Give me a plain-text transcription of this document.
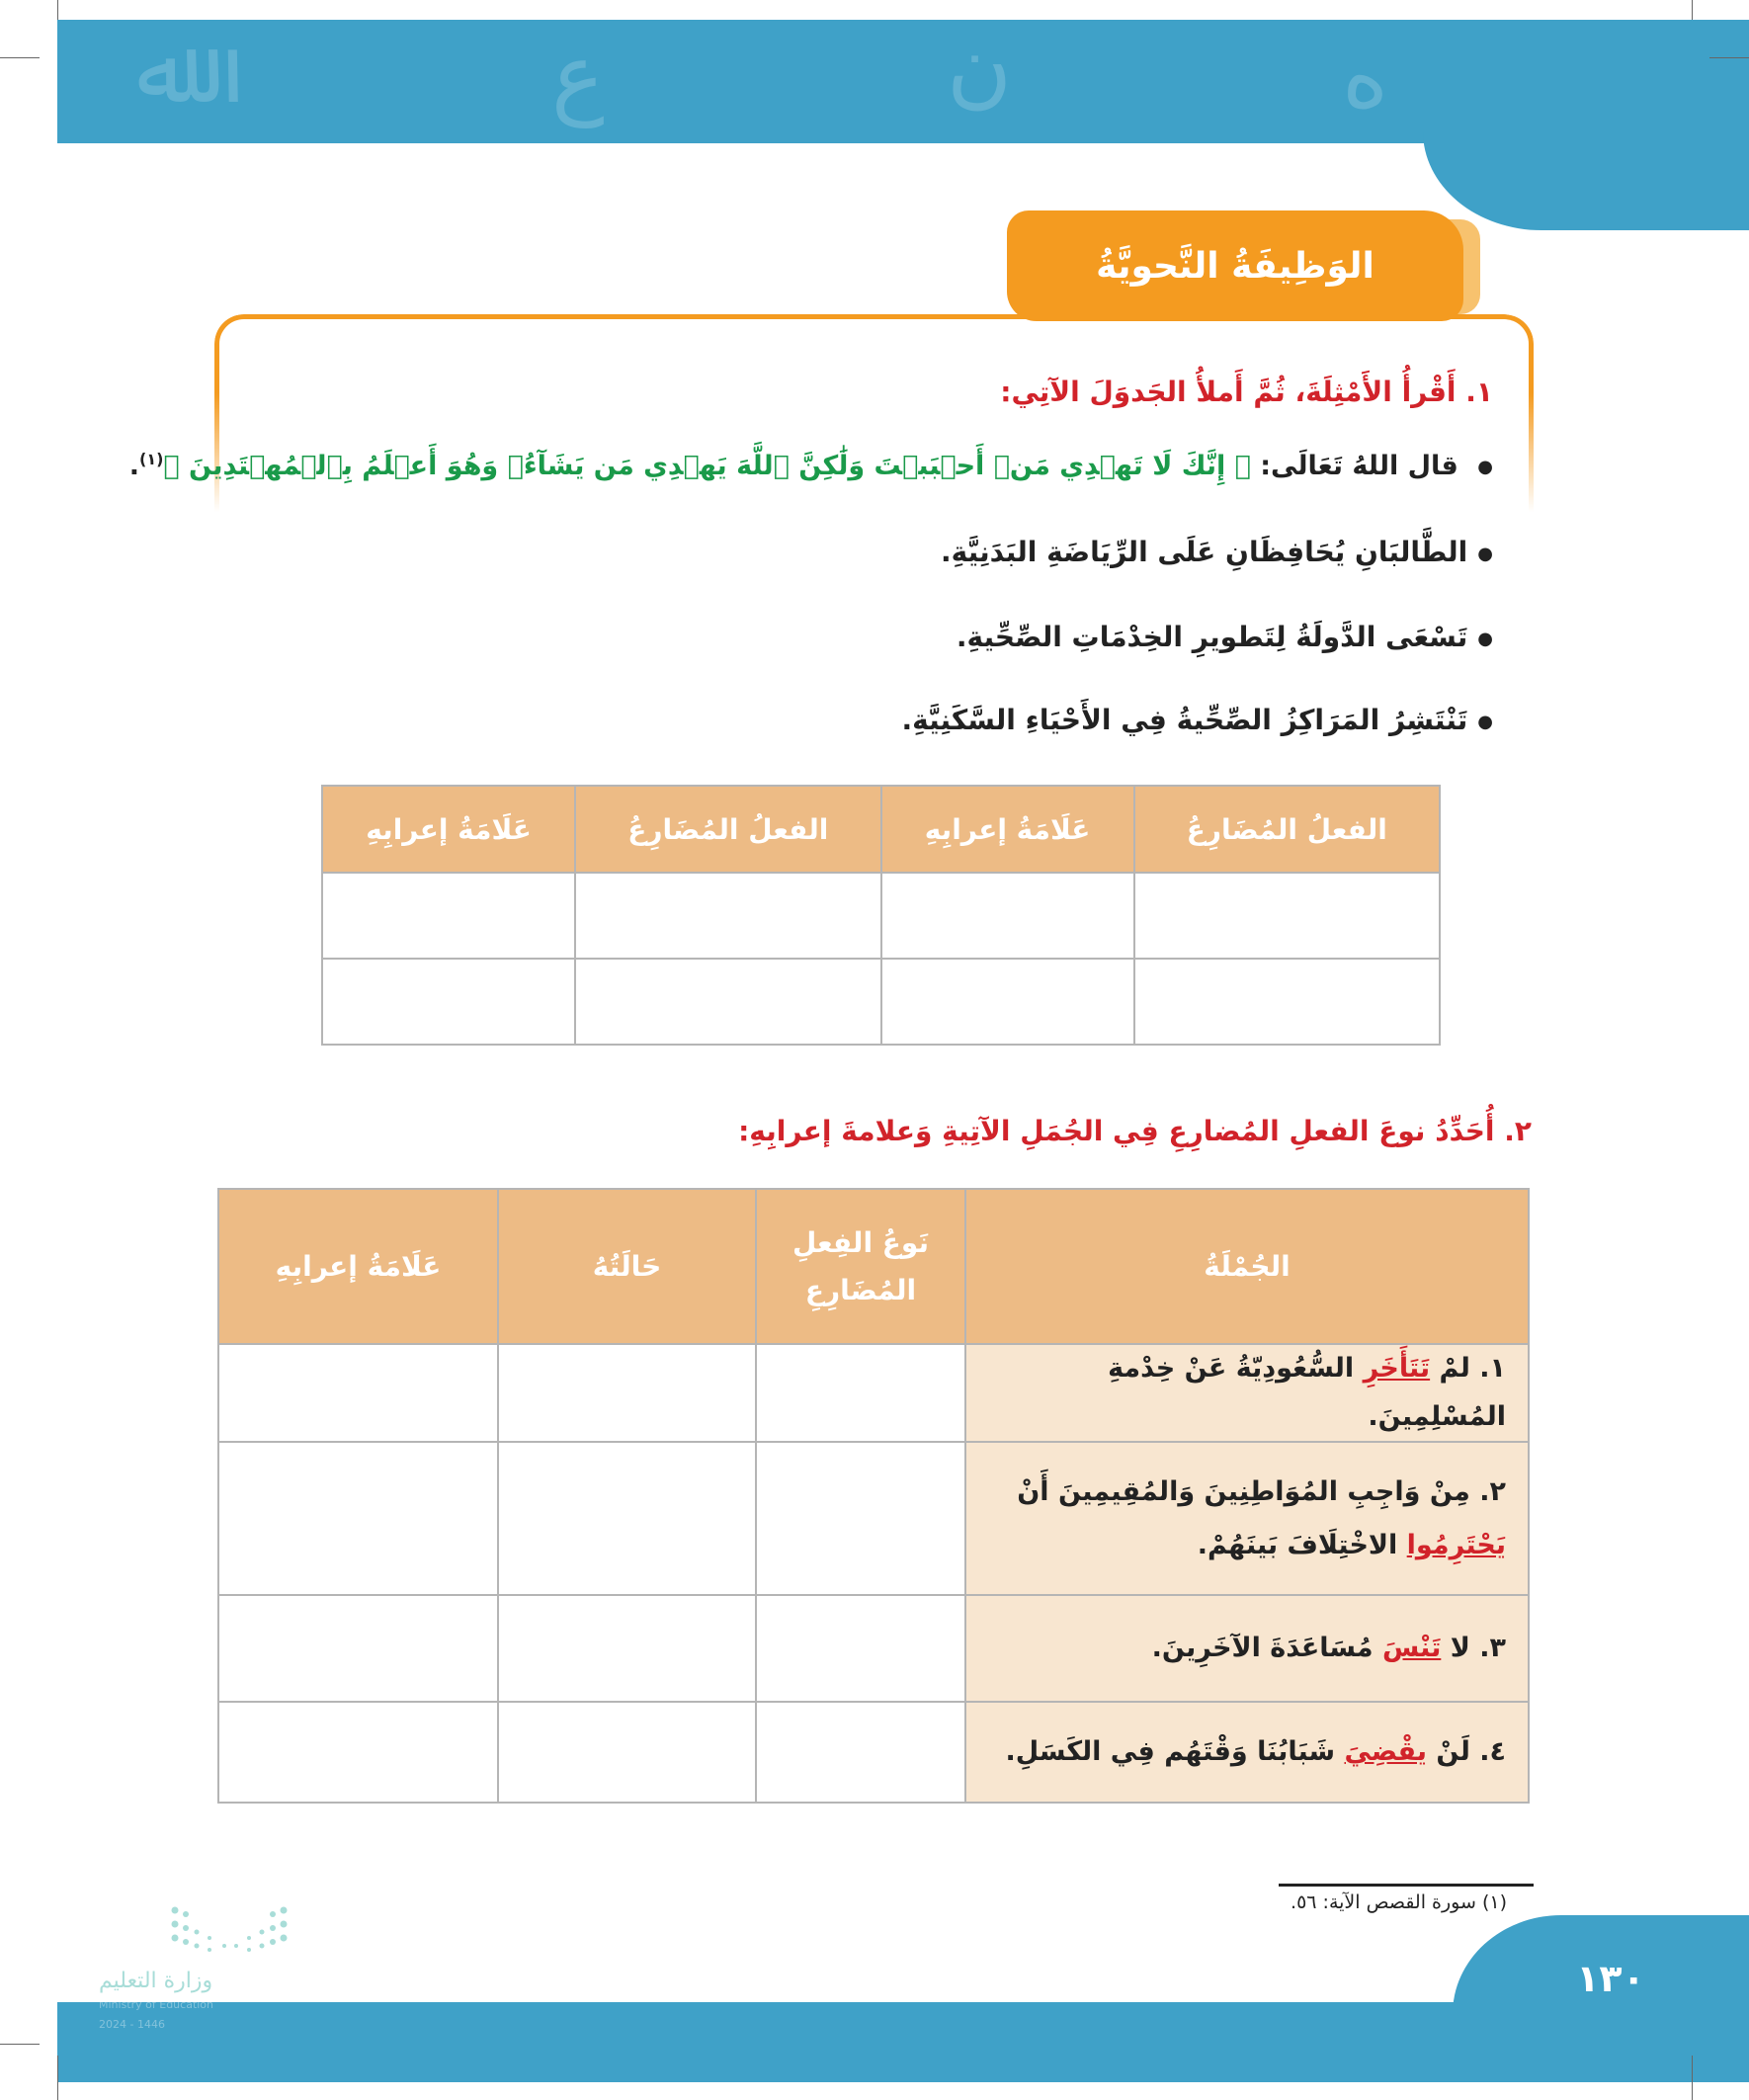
ﷲ	ع	ن	ه
الوَظِيفَةُ النَّحويَّةُ
١. أَقْرأُ الأَمْثِلَةَ، ثُمَّ أَملأُ الجَدوَلَ الآتِي:
● قال اللهُ تَعَالَى: ﴿ إِنَّكَ لَا تَهۡدِي مَنۡ أَحۡبَبۡتَ وَلَٰكِنَّ ٱللَّهَ يَهۡدِي مَن يَشَآءُۚ وَهُوَ أَعۡلَمُ بِٱلۡمُهۡتَدِينَ ﴾$^{(١)}$.
● الطَّالبَانِ يُحَافِظَانِ عَلَى الرِّيَاضَةِ البَدَنِيَّةِ.
● تَسْعَى الدَّولَةُ لِتَطويرِ الخِدْمَاتِ الصِّحِّيةِ.
● تَنْتَشِرُ المَرَاكِزُ الصِّحِّيةُ فِي الأَحْيَاءِ السَّكَنِيَّةِ.
الفعلُ المُضَارِعُ	عَلَامَةُ إعرابِهِ	الفعلُ المُضَارِعُ	عَلَامَةُ إعرابِهِ

٢. أُحَدِّدُ نوعَ الفعلِ المُضارِعِ فِي الجُمَلِ الآتِيةِ وَعلامةَ إعرابِهِ:
الجُمْلَةُ	نَوعُ الفِعلِ المُضَارِعِ	حَالَتُهُ	عَلَامَةُ إعرابِهِ
١. لمْ تَتَأَخَرِ السُّعُودِيّةُ عَنْ خِدْمةِ المُسْلِمِينَ.			
٢. مِنْ وَاجِبِ المُوَاطِنِينَ وَالمُقِيمِينَ أَنْ يَحْتَرِمُوا الاخْتِلَافَ بَينَهُمْ.			
٣. لا تَنْسَ مُسَاعَدَةَ الآخَرِينَ.			
٤. لَنْ يقْضِيَ شَبَابُنَا وَقْتَهُم فِي الكَسَلِ.			
(١) سورة القصص الآية: ٥٦.
١٣٠
وزارة التعليم
Ministry of Education
2024 - 1446
